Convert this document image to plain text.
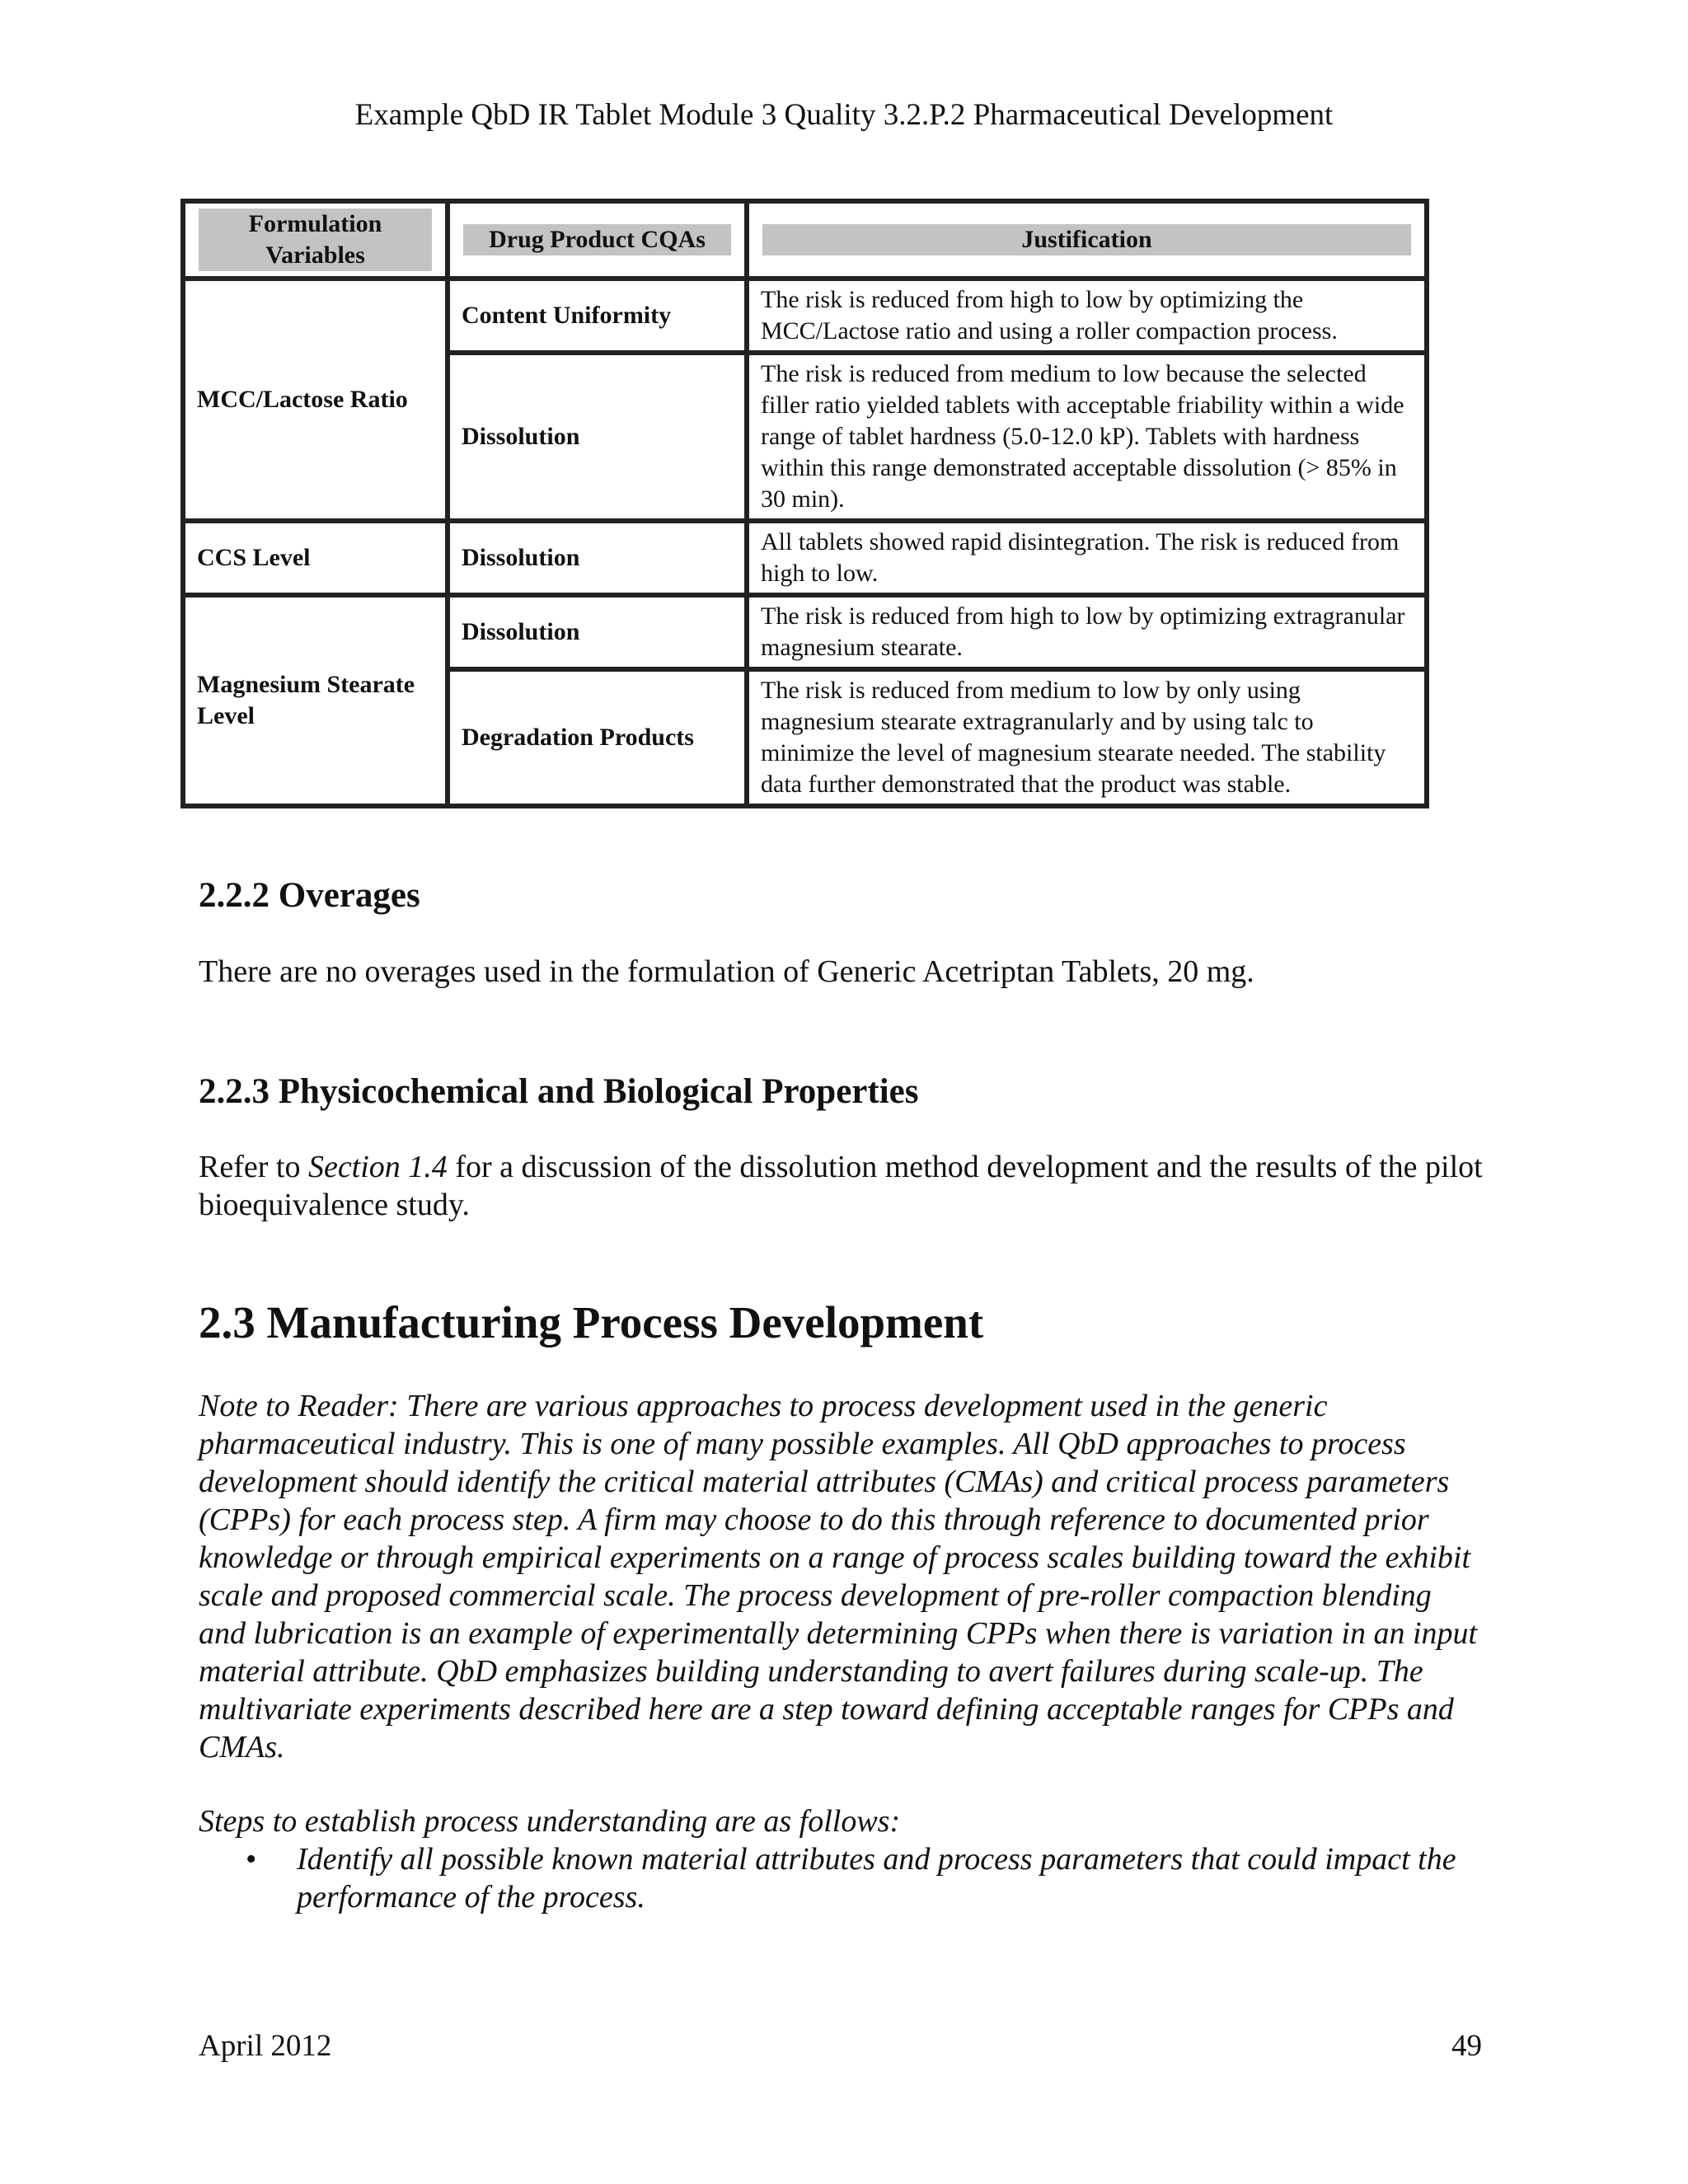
Example QbD IR Tablet Module 3 Quality 3.2.P.2 Pharmaceutical Development
Formulation Variables	Drug Product CQAs	Justification

MCC/Lactose Ratio	Content Uniformity	The risk is reduced from high to low by optimizing the MCC/Lactose ratio and using a roller compaction process.
	Dissolution	The risk is reduced from medium to low because the selected filler ratio yielded tablets with acceptable friability within a wide range of tablet hardness (5.0-12.0 kP). Tablets with hardness within this range demonstrated acceptable dissolution (> 85% in 30 min).
CCS Level	Dissolution	All tablets showed rapid disintegration. The risk is reduced from high to low.
Magnesium Stearate Level	Dissolution	The risk is reduced from high to low by optimizing extragranular magnesium stearate.
	Degradation Products	The risk is reduced from medium to low by only using magnesium stearate extragranularly and by using talc to minimize the level of magnesium stearate needed. The stability data further demonstrated that the product was stable.
2.2.2 Overages

There are no overages used in the formulation of Generic Acetriptan Tablets, 20 mg.

2.2.3 Physicochemical and Biological Properties

Refer to Section 1.4 for a discussion of the dissolution method development and the results of the pilot bioequivalence study.

2.3 Manufacturing Process Development

Note to Reader: There are various approaches to process development used in the generic pharmaceutical industry. This is one of many possible examples. All QbD approaches to process development should identify the critical material attributes (CMAs) and critical process parameters (CPPs) for each process step. A firm may choose to do this through reference to documented prior knowledge or through empirical experiments on a range of process scales building toward the exhibit scale and proposed commercial scale. The process development of pre-roller compaction blending and lubrication is an example of experimentally determining CPPs when there is variation in an input material attribute. QbD emphasizes building understanding to avert failures during scale-up. The multivariate experiments described here are a step toward defining acceptable ranges for CPPs and CMAs.

Steps to establish process understanding are as follows:

• Identify all possible known material attributes and process parameters that could impact the performance of the process.
April 2012	49
